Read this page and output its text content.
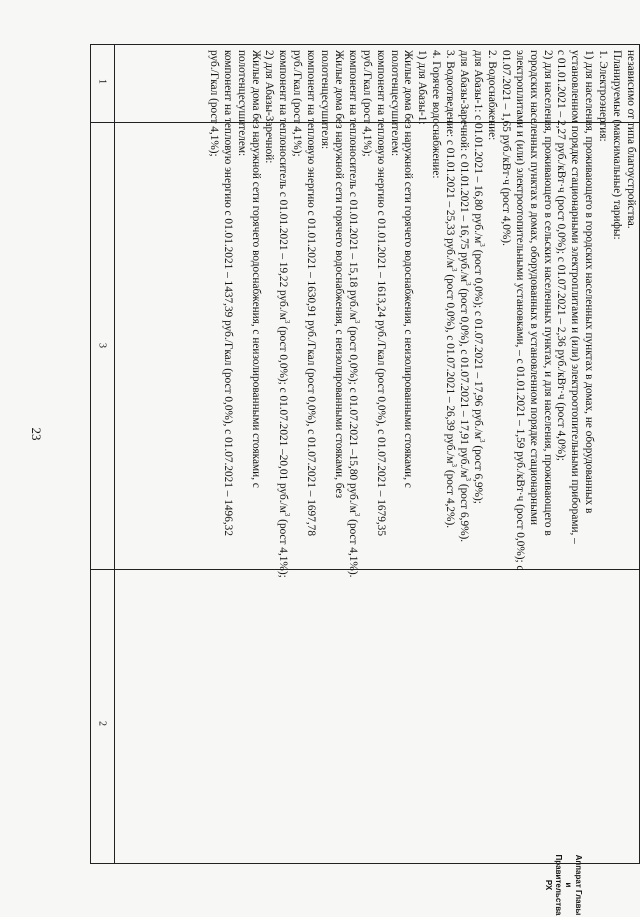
23
Аппарат Главы
и Правительства РХ
1
2
3
независимо от типа благоустройства.
Планируемые (максимальные) тарифы:
1. Электроэнергия:
1) для населения, проживающего в городских населенных пунктах в домах, не оборудованных в
установленном порядке стационарными электроплитами и (или) электроотопительными приборами, –
с 01.01.2021 – 2,27 руб./кВт·ч (рост 0,0%); с 01.07.2021 – 2,36 руб./кВт·ч (рост 4,0%);
2) для населения, проживающего в сельских населенных пунктах, и для населения, проживающего в
городских населенных пунктах в домах, оборудованных в установленном порядке стационарными
электроплитами и (или) электроотопительными установками, – с 01.01.2021 – 1,59 руб./кВт·ч (рост 0,0%); с
01.07.2021 – 1,65 руб./кВт·ч (рост 4,0%).
2. Водоснабжение:
для Абазы-1: с 01.01.2021 – 16,80 $руб./м^3$ (рост 0,0%); с 01.07.2021 – 17,96 $руб./м^3$ (рост 6,9%);
для Абазы-Заречной: с 01.01.2021 – 16,75 $руб./м^3$ (рост 0,0%), с 01.07.2021 – 17,91 $руб./м^3$ (рост 6,9%).
3. Водоотведение: с 01.01.2021 – 25,33 $руб./м^3$ (рост 0,0%), с 01.07.2021 – 26,39 $руб./м^3$ (рост 4,2%).
4. Горячее водоснабжение:
1) для Абазы-1:
Жилые дома без наружной сети горячего водоснабжения, с неизолированными стояками, с
полотенцесушителем:
компонент на тепловую энергию с 01.01.2021 – 1613,24 руб./Гкал (рост 0,0%), с 01.07.2021 – 1679,35
руб./Гкал (рост 4,1%);
компонент на теплоноситель с 01.01.2021 – 15,18 $руб./м^3$ (рост 0,0%); с 01.07.2021 –15,80 $руб./м^3$ (рост 4,1%).
Жилые дома без наружной сети горячего водоснабжения, с неизолированными стояками, без
полотенцесушителя:
компонент на тепловую энергию с 01.01.2021 – 1630,91 руб./Гкал (рост 0,0%), с 01.07.2021 – 1697,78
руб./Гкал (рост 4,1%);
компонент на теплоноситель с 01.01.2021 – 19,22 $руб./м^3$ (рост 0,0%); с 01.07.2021 –20,01 $руб./м^3$ (рост 4,1%);
2) для Абазы-Заречной:
Жилые дома без наружной сети горячего водоснабжения, с неизолированными стояками, с
полотенцесушителем:
компонент на тепловую энергию с 01.01.2021 – 1437,39 руб./Гкал (рост 0,0%), с 01.07.2021 – 1496,32
руб./Гкал (рост 4,1%);
